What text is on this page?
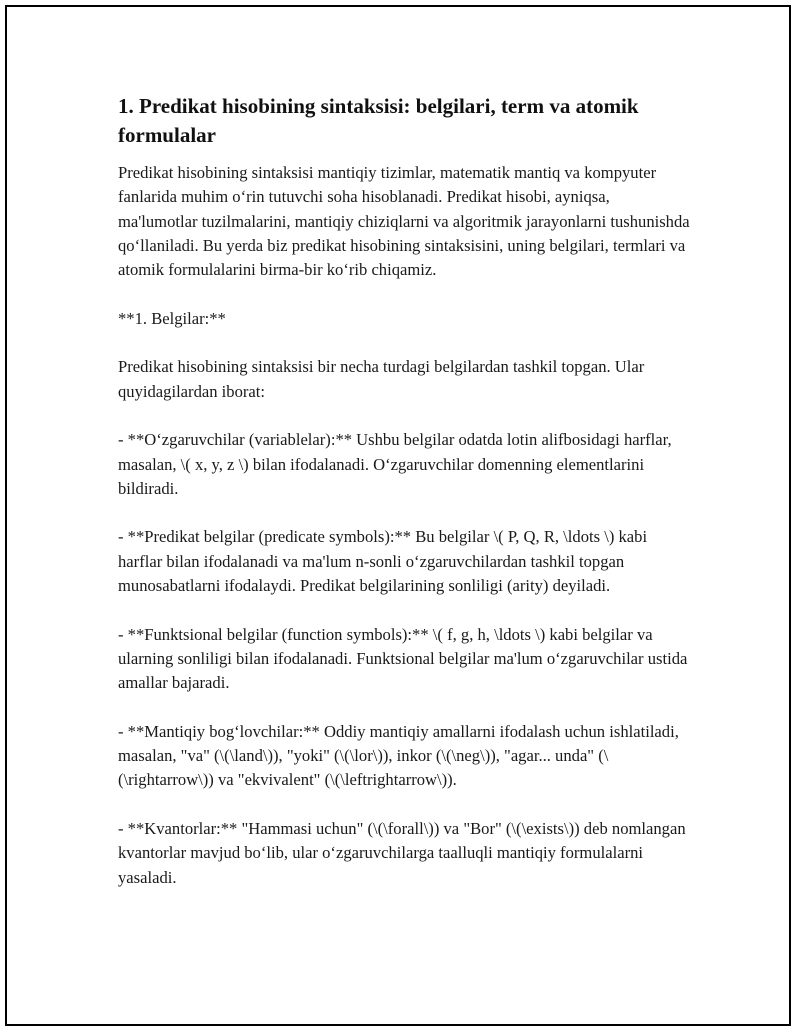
1. Predikat hisobining sintaksisi: belgilari, term va atomik formulalar

Predikat hisobining sintaksisi mantiqiy tizimlar, matematik mantiq va kompyuter fanlarida muhim o‘rin tutuvchi soha hisoblanadi. Predikat hisobi, ayniqsa, ma'lumotlar tuzilmalarini, mantiqiy chiziqlarni va algoritmik jarayonlarni tushunishda qo‘llaniladi. Bu yerda biz predikat hisobining sintaksisini, uning belgilari, termlari va atomik formulalarini birma-bir ko‘rib chiqamiz.

**1. Belgilar:**

Predikat hisobining sintaksisi bir necha turdagi belgilardan tashkil topgan. Ular quyidagilardan iborat:

- **O‘zgaruvchilar (variablelar):** Ushbu belgilar odatda lotin alifbosidagi harflar, masalan, \( x, y, z \) bilan ifodalanadi. O‘zgaruvchilar domenning elementlarini bildiradi.

- **Predikat belgilar (predicate symbols):** Bu belgilar \( P, Q, R, \ldots \) kabi harflar bilan ifodalanadi va ma'lum n-sonli o‘zgaruvchilardan tashkil topgan munosabatlarni ifodalaydi. Predikat belgilarining sonliligi (arity) deyiladi.

- **Funktsional belgilar (function symbols):** \( f, g, h, \ldots \) kabi belgilar va ularning sonliligi bilan ifodalanadi. Funktsional belgilar ma'lum o‘zgaruvchilar ustida amallar bajaradi.

- **Mantiqiy bog‘lovchilar:** Oddiy mantiqiy amallarni ifodalash uchun ishlatiladi, masalan, "va" (\(\land\)), "yoki" (\(\lor\)), inkor (\(\neg\)), "agar... unda" (\(\rightarrow\)) va "ekvivalent" (\(\leftrightarrow\)).

- **Kvantorlar:** "Hammasi uchun" (\(\forall\)) va "Bor" (\(\exists\)) deb nomlangan kvantorlar mavjud bo‘lib, ular o‘zgaruvchilarga taalluqli mantiqiy formulalarni yasaladi.
